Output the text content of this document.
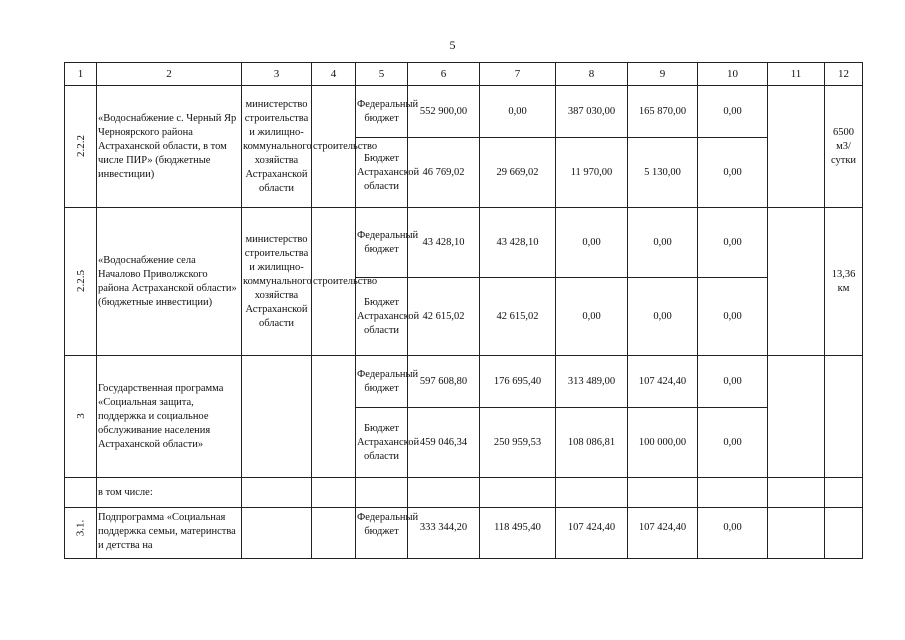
5
1	2	3	4	5	6	7	8	9	10	11	12
2.2.2	«Водоснабжение с. Черный Яр Черноярского района Астраханской области, в том числе ПИР» (бюджетные инвестиции)	министерство строительства и жилищно-коммунального хозяйства Астраханской области	строительство	Федеральный бюджет	552 900,00	0,00	387 030,00	165 870,00	0,00		6500 м3/сутки
				Бюджет Астраханской области	46 769,02	29 669,02	11 970,00	5 130,00	0,00		
2.2.5	«Водоснабжение села Началово Приволжского района Астраханской области» (бюджетные инвестиции)	министерство строительства и жилищно-коммунального хозяйства Астраханской области	строительство	Федеральный бюджет	43 428,10	43 428,10	0,00	0,00	0,00		13,36 км
				Бюджет Астраханской области	42 615,02	42 615,02	0,00	0,00	0,00		
3	Государственная программа «Социальная защита, поддержка и социальное обслуживание населения Астраханской области»			Федеральный бюджет	597 608,80	176 695,40	313 489,00	107 424,40	0,00		
				Бюджет Астраханской области	459 046,34	250 959,53	108 086,81	100 000,00	0,00		
	в том числе:										
3.1.	Подпрограмма «Социальная поддержка семьи, материнства и детства на			Федеральный бюджет	333 344,20	118 495,40	107 424,40	107 424,40	0,00		
